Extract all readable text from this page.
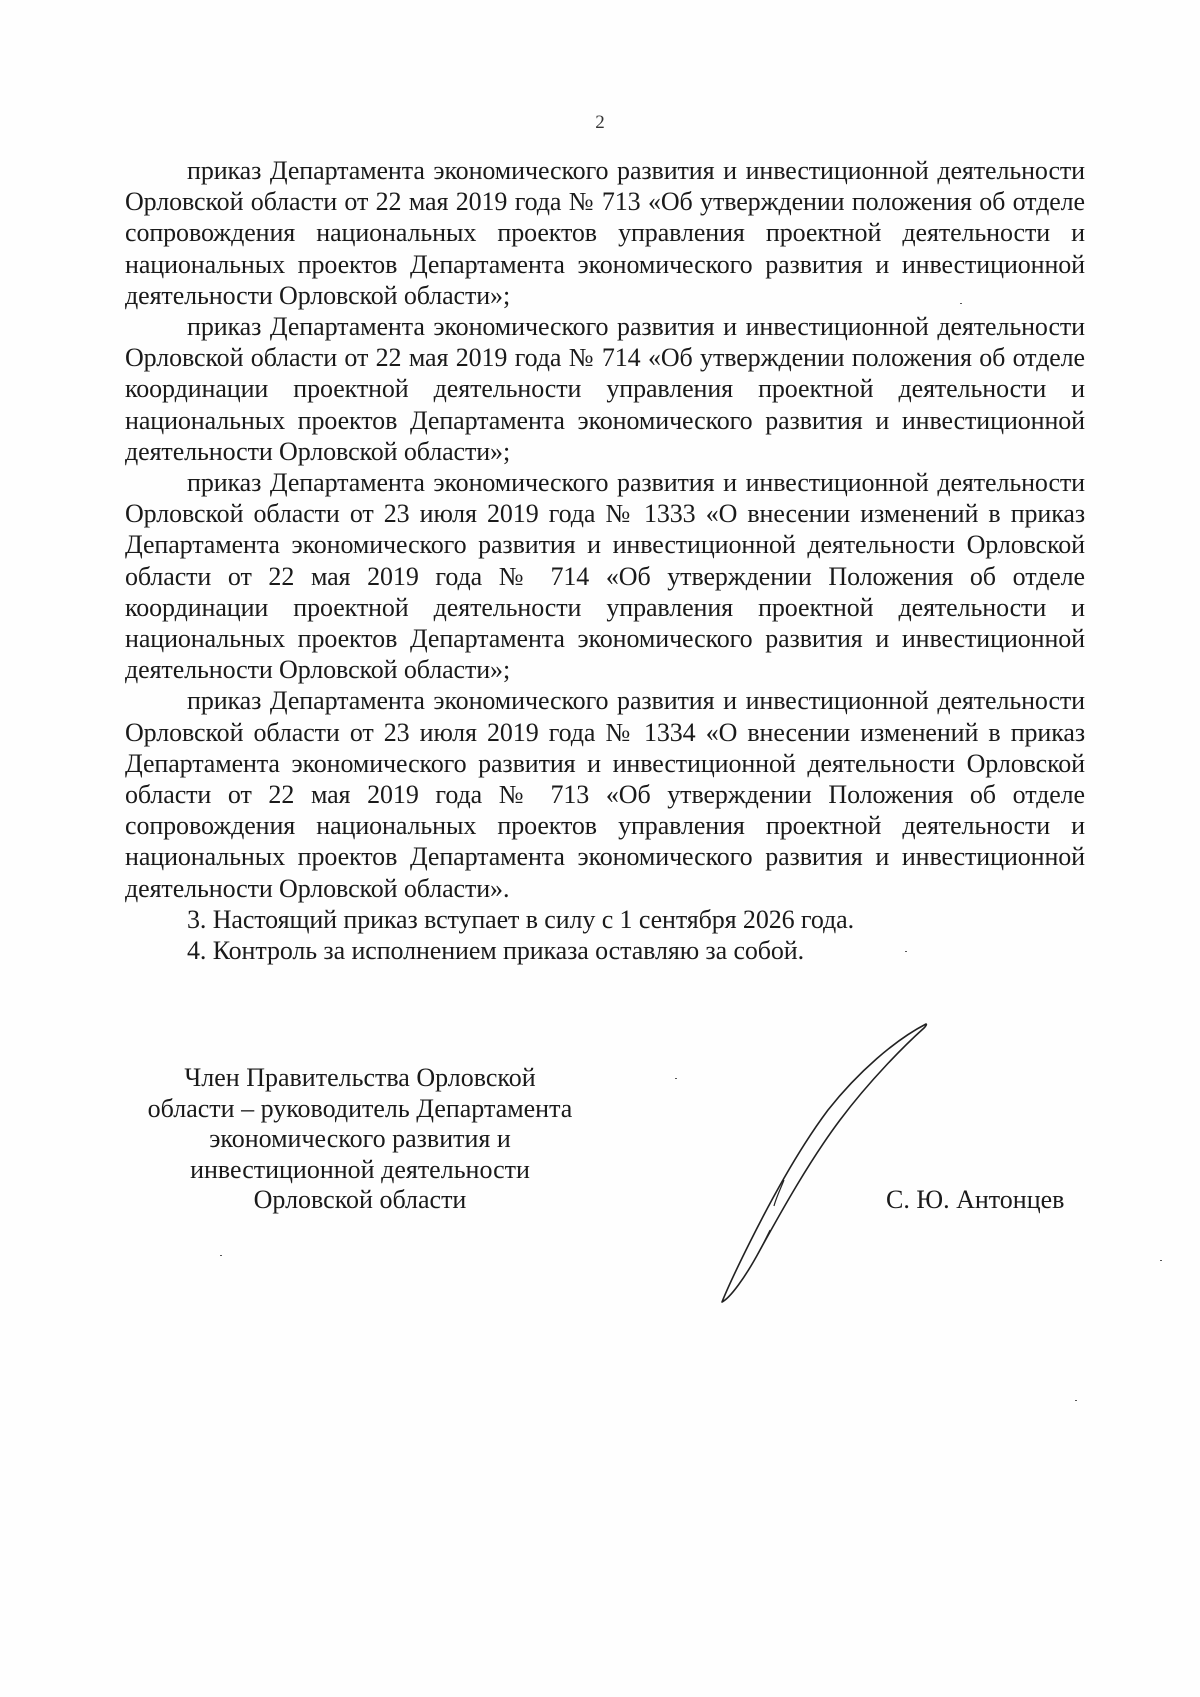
2

приказ Департамента экономического развития и инвестиционной деятельности Орловской области от 22 мая 2019 года № 713 «Об утверждении положения об отделе сопровождения национальных проектов управления проектной деятельности и национальных проектов Департамента экономического развития и инвестиционной деятельности Орловской области»;

приказ Департамента экономического развития и инвестиционной деятельности Орловской области от 22 мая 2019 года № 714 «Об утверждении положения об отделе координации проектной деятельности управления проектной деятельности и национальных проектов Департамента экономического развития и инвестиционной деятельности Орловской области»;

приказ Департамента экономического развития и инвестиционной деятельности Орловской области от 23 июля 2019 года № 1333 «О внесении изменений в приказ Департамента экономического развития и инвестиционной деятельности Орловской области от 22 мая 2019 года № 714 «Об утверждении Положения об отделе координации проектной деятельности управления проектной деятельности и национальных проектов Департамента экономического развития и инвестиционной деятельности Орловской области»;

приказ Департамента экономического развития и инвестиционной деятельности Орловской области от 23 июля 2019 года № 1334 «О внесении изменений в приказ Департамента экономического развития и инвестиционной деятельности Орловской области от 22 мая 2019 года № 713 «Об утверждении Положения об отделе сопровождения национальных проектов управления проектной деятельности и национальных проектов Департамента экономического развития и инвестиционной деятельности Орловской области».

3. Настоящий приказ вступает в силу с 1 сентября 2026 года.

4. Контроль за исполнением приказа оставляю за собой.

Член Правительства Орловской
области – руководитель Департамента
экономического развития и
инвестиционной деятельности
Орловской области	С. Ю. Антонцев
